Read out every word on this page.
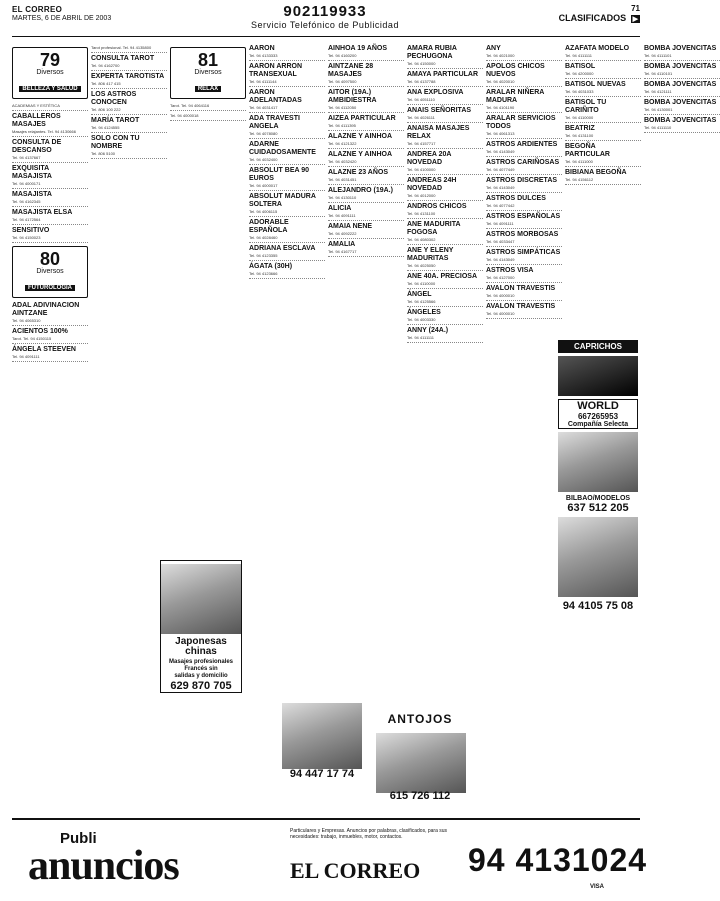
EL CORREO
MARTES, 6 DE ABRIL DE 2003	902119933
Servicio Telefónico de Publicidad
71
CLASIFICADOS ▶
79
Diversos
BELLEZA Y SALUD
ACADEMIAS Y ESTÉTICA
CABALLEROS MASAJES
Masajes relajantes. Tel. 94 4130666
CONSULTA DE DESCANSO
Tel. 94 4137667
EXQUISITA MASAJISTA
Tel. 94 4000171
MASAJISTA
Tel. 94 4162345
MASAJISTA ELSA
Tel. 94 4172564
SENSITIVO
Tel. 94 4150023
80
Diversos
FUTUROLOGÍA
ADAL ADIVINACION AINTZANE
Tel. 94 4065310
ACIENTOS 100%
Tarot. Tel. 94 4150115
ÁNGELA STEEVEN
Tel. 94 4091111
Tarot profesional. Tel. 94 4135800
CONSULTA TAROT
Tel. 94 4162700
EXPERTA TAROTISTA
Tel. 806 417 415
LOS ASTROS CONOCEN
Tel. 806 100 222
MARÍA TAROT
Tel. 94 4124555
SOLO CON TU NOMBRE
Tel. 806 5100
81
Diversos
RELAX
Tarot. Tel. 94 4064116
Tel. 94 4000018
AARON
Tel. 94 4133333
AARON ARRON TRANSEXUAL
Tel. 94 4111144
AARON ADELANTADAS
Tel. 94 4031417
ADA TRAVESTI ANGELA
Tel. 94 4078080
ADARNE CUIDADOSAMENTE
Tel. 94 4032400
ABSOLUT BEA 90 EUROS
Tel. 94 4000017
ABSOLUT MADURA SOLTERA
Tel. 94 4006115
ADORABLE ESPAÑOLA
Tel. 94 4028460
ADRIANA ESCLAVA
Tel. 94 4123355
ÁGATA (30H)
Tel. 94 4123666
AINHOA 19 AÑOS
Tel. 94 4160200
AINTZANE 28 MASAJES
Tel. 94 4097500
AITOR (19A.) AMBIDIESTRA
Tel. 94 4112050
AIZEA PARTICULAR
Tel. 94 4111395
ALAZNE Y AINHOA
Tel. 94 4121322
ALAZNE Y AINHOA
Tel. 94 4032420
ALAZNE 23 AÑOS
Tel. 94 4031451
ALEJANDRO (19A.)
Tel. 94 4130110
ALICIA
Tel. 94 4091111
AMAIA NENE
Tel. 94 4092222
AMALIA
Tel. 94 4167717
AMARA RUBIA PECHUGONA
Tel. 94 4150000
AMAYA PARTICULAR
Tel. 94 4137788
ANA EXPLOSIVA
Tel. 94 4051110
ANAIS SEÑORITAS
Tel. 94 4026111
ANAISA MASAJES RELAX
Tel. 94 4157717
ANDREA 20A NOVEDAD
Tel. 94 4100000
ANDREAS 24H NOVEDAD
Tel. 94 4012000
ANDROS CHICOS
Tel. 94 4131100
ANE MADURITA FOGOSA
Tel. 94 4080302
ANE Y ELENY MADURITAS
Tel. 94 4025050
ANE 40A. PRECIOSA
Tel. 94 4110000
ÁNGEL
Tel. 94 4125566
ÁNGELES
Tel. 94 4003330
ANNY (24A.)
Tel. 94 4111111
ANY
Tel. 94 4021000
APOLOS CHICOS NUEVOS
Tel. 94 4020010
ARALAR NIÑERA MADURA
Tel. 94 4101190
ARALAR SERVICIOS TODOS
Tel. 94 4061313
ASTROS ARDIENTES
Tel. 94 4143049
ASTROS CARIÑOSAS
Tel. 94 4077449
ASTROS DISCRETAS
Tel. 94 4143049
ASTROS DULCES
Tel. 94 4077442
ASTROS ESPAÑOLAS
Tel. 94 4091111
ASTROS MORBOSAS
Tel. 94 4033447
ASTROS SIMPÁTICAS
Tel. 94 4143049
ASTROS VISA
Tel. 94 4127000
AVALON TRAVESTIS
Tel. 94 4000010
AVALON TRAVESTIS
Tel. 94 4000010
AZAFATA MODELO
Tel. 94 4111111
BATISOL
Tel. 94 4200000
BATISOL NUEVAS
Tel. 94 4031033
BATISOL TU CARIÑITO
Tel. 94 4110000
BEATRIZ
Tel. 94 4131100
BEGOÑA PARTICULAR
Tel. 94 4111000
BIBIANA BEGOÑA
Tel. 94 4156112
BOMBA JOVENCITAS
Tel. 94 4111101
BOMBA JOVENCITAS
Tel. 94 4110101
BOMBA JOVENCITAS
Tel. 94 4121111
BOMBA JOVENCITAS
Tel. 94 4130001
BOMBA JOVENCITAS
Tel. 94 4111110
Japonesas chinas
Masajes profesionales
Francés sin
salidas y domicilio
629 870 705
CAPRICHOS
WORLD
667265953
Compañía Selecta
BILBAO/MODELOS
637 512 205
94 4105 75 08
94 447 17 74
ANTOJOS
615 726 112
Publi
anuncios
Particulares y Empresas. Anuncios por palabras, clasificados, para sus necesidades: trabajo, inmuebles, motor, contactos.
EL CORREO 94 4131024
VISA
